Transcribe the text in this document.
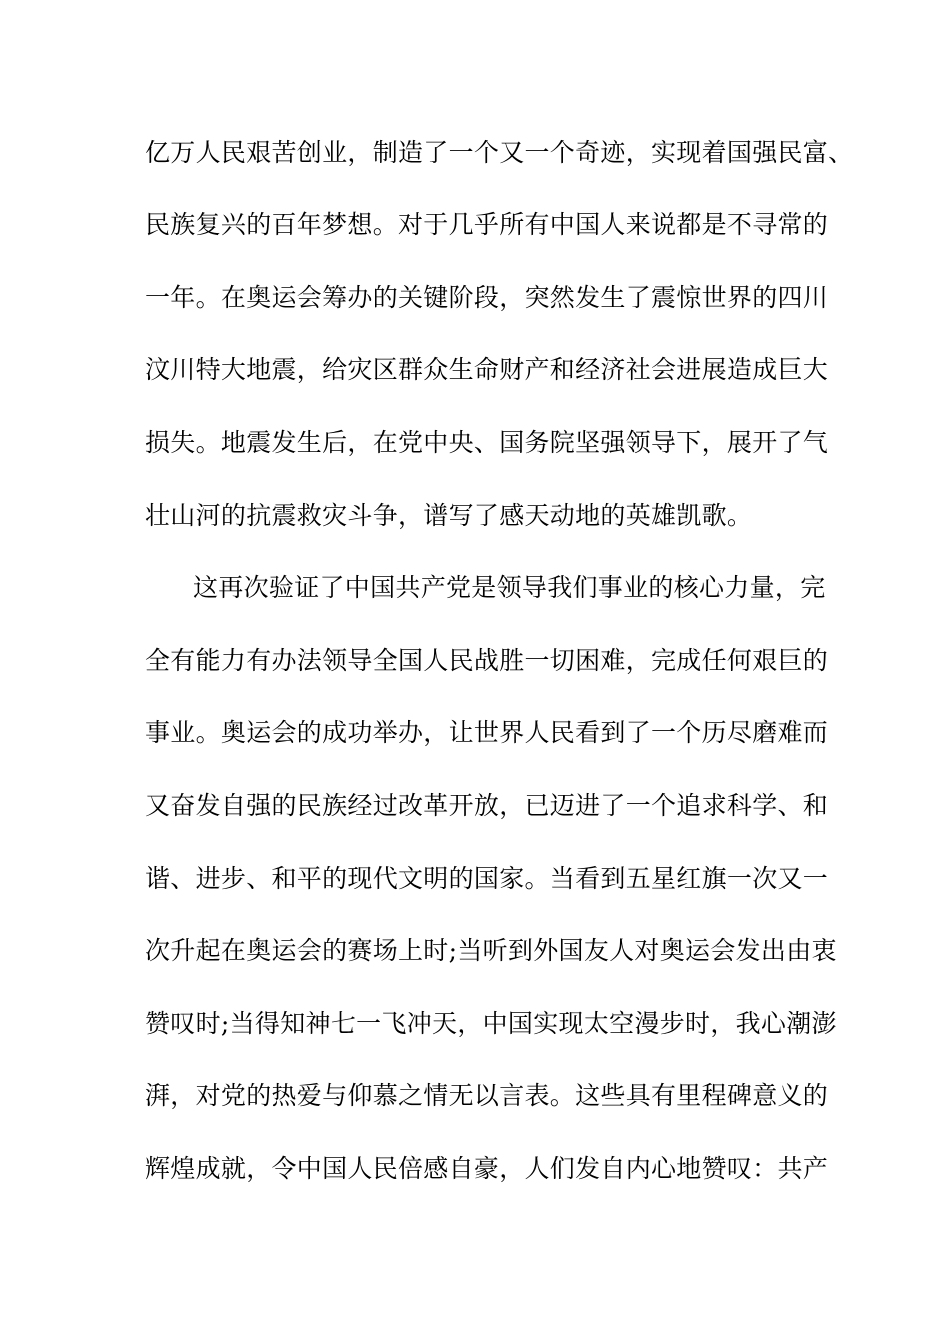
亿万人民艰苦创业，制造了一个又一个奇迹，实现着国强民富、
民族复兴的百年梦想。对于几乎所有中国人来说都是不寻常的
一年。在奥运会筹办的关键阶段，突然发生了震惊世界的四川
汶川特大地震，给灾区群众生命财产和经济社会进展造成巨大
损失。地震发生后，在党中央、国务院坚强领导下，展开了气
壮山河的抗震救灾斗争，谱写了感天动地的英雄凯歌。
这再次验证了中国共产党是领导我们事业的核心力量，完
全有能力有办法领导全国人民战胜一切困难，完成任何艰巨的
事业。奥运会的成功举办，让世界人民看到了一个历尽磨难而
又奋发自强的民族经过改革开放，已迈进了一个追求科学、和
谐、进步、和平的现代文明的国家。当看到五星红旗一次又一
次升起在奥运会的赛场上时;当听到外国友人对奥运会发出由衷
赞叹时;当得知神七一飞冲天，中国实现太空漫步时，我心潮澎
湃，对党的热爱与仰慕之情无以言表。这些具有里程碑意义的
辉煌成就，令中国人民倍感自豪，人们发自内心地赞叹：共产
